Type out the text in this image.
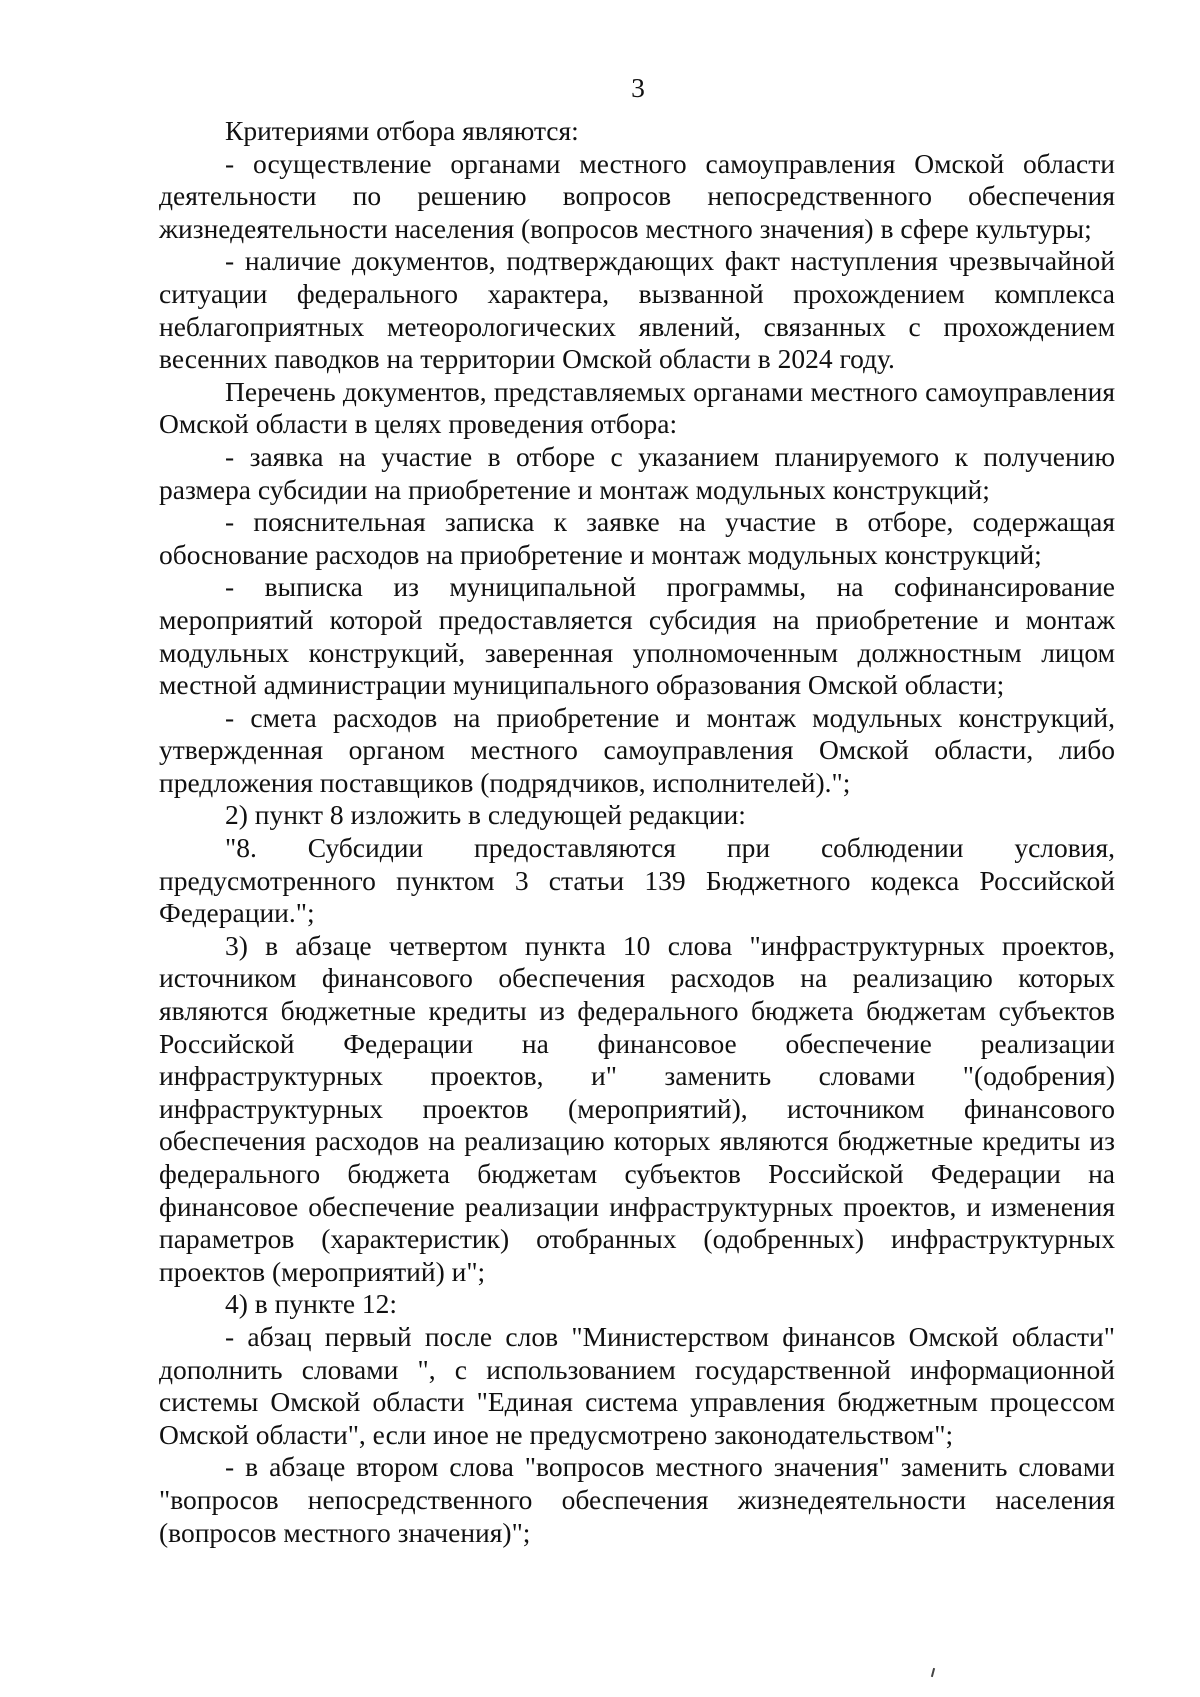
3

Критериями отбора являются:

- осуществление органами местного самоуправления Омской области деятельности по решению вопросов непосредственного обеспечения жизнедеятельности населения (вопросов местного значения) в сфере культуры;

- наличие документов, подтверждающих факт наступления чрезвычайной ситуации федерального характера, вызванной прохождением комплекса неблагоприятных метеорологических явлений, связанных с прохождением весенних паводков на территории Омской области в 2024 году.

Перечень документов, представляемых органами местного самоуправления Омской области в целях проведения отбора:

- заявка на участие в отборе с указанием планируемого к получению размера субсидии на приобретение и монтаж модульных конструкций;

- пояснительная записка к заявке на участие в отборе, содержащая обоснование расходов на приобретение и монтаж модульных конструкций;

- выписка из муниципальной программы, на софинансирование мероприятий которой предоставляется субсидия на приобретение и монтаж модульных конструкций, заверенная уполномоченным должностным лицом местной администрации муниципального образования Омской области;

- смета расходов на приобретение и монтаж модульных конструкций, утвержденная органом местного самоуправления Омской области, либо предложения поставщиков (подрядчиков, исполнителей).";

2) пункт 8 изложить в следующей редакции:

"8. Субсидии предоставляются при соблюдении условия, предусмотренного пунктом 3 статьи 139 Бюджетного кодекса Российской Федерации.";

3) в абзаце четвертом пункта 10 слова "инфраструктурных проектов, источником финансового обеспечения расходов на реализацию которых являются бюджетные кредиты из федерального бюджета бюджетам субъектов Российской Федерации на финансовое обеспечение реализации инфраструктурных проектов, и" заменить словами "(одобрения) инфраструктурных проектов (мероприятий), источником финансового обеспечения расходов на реализацию которых являются бюджетные кредиты из федерального бюджета бюджетам субъектов Российской Федерации на финансовое обеспечение реализации инфраструктурных проектов, и изменения параметров (характеристик) отобранных (одобренных) инфраструктурных проектов (мероприятий) и";

4) в пункте 12:

- абзац первый после слов "Министерством финансов Омской области" дополнить словами ", с использованием государственной информационной системы Омской области "Единая система управления бюджетным процессом Омской области", если иное не предусмотрено законодательством";

- в абзаце втором слова "вопросов местного значения" заменить словами "вопросов непосредственного обеспечения жизнедеятельности населения (вопросов местного значения)";
